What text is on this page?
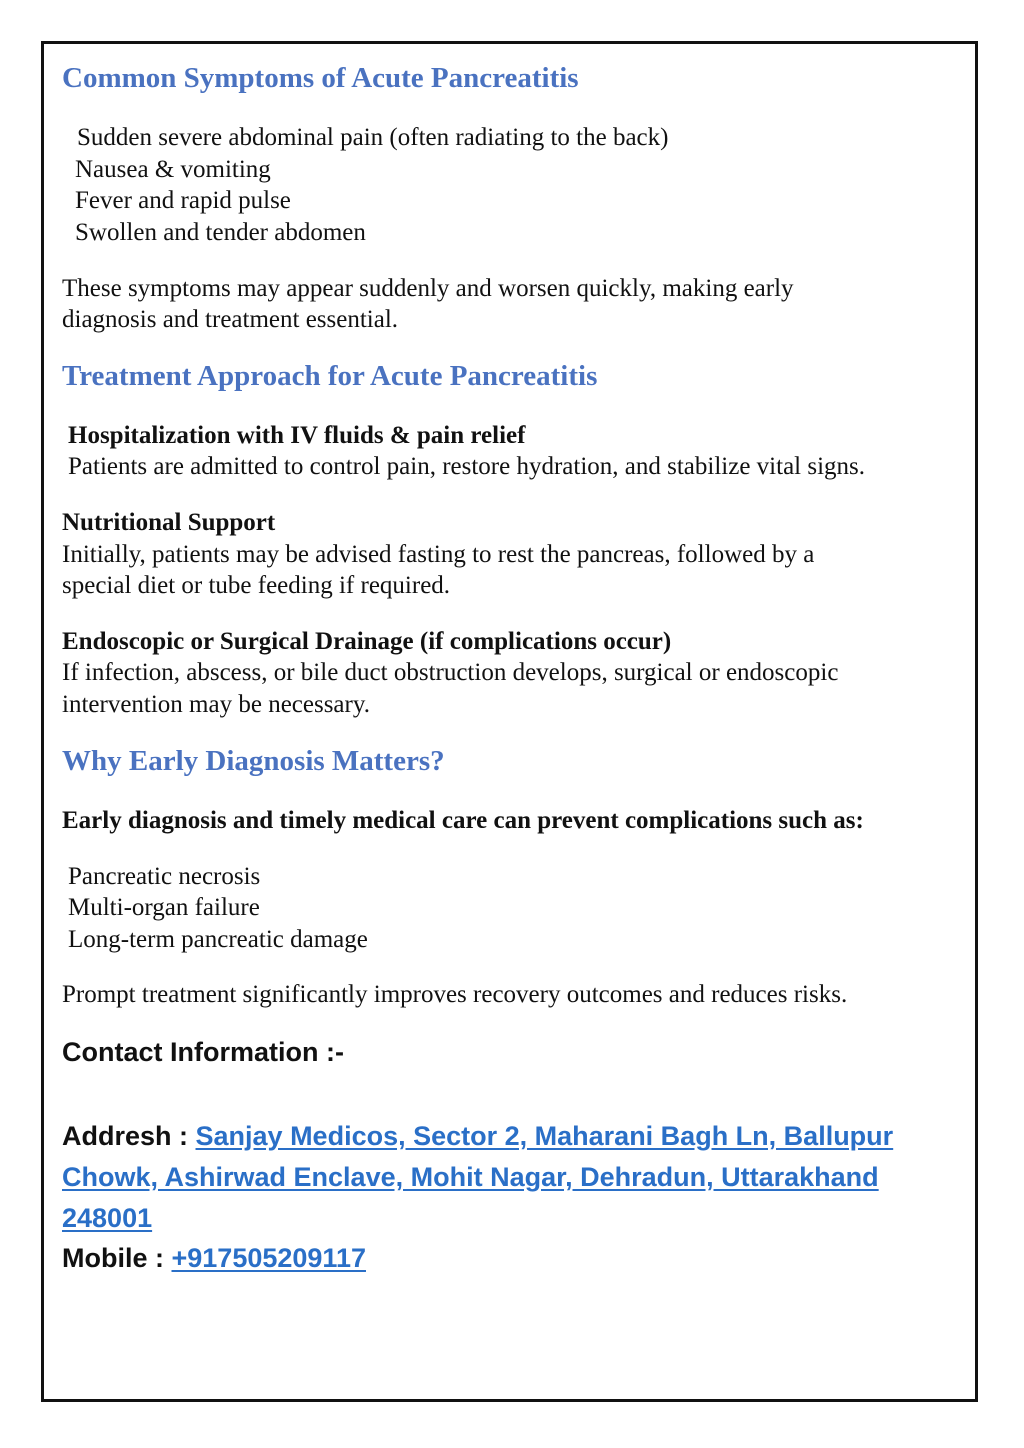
Common Symptoms of Acute Pancreatitis

Sudden severe abdominal pain (often radiating to the back)

Nausea & vomiting

Fever and rapid pulse

Swollen and tender abdomen

These symptoms may appear suddenly and worsen quickly, making early

diagnosis and treatment essential.

Treatment Approach for Acute Pancreatitis

Hospitalization with IV fluids & pain relief

Patients are admitted to control pain, restore hydration, and stabilize vital signs.

Nutritional Support

Initially, patients may be advised fasting to rest the pancreas, followed by a

special diet or tube feeding if required.

Endoscopic or Surgical Drainage (if complications occur)

If infection, abscess, or bile duct obstruction develops, surgical or endoscopic

intervention may be necessary.

Why Early Diagnosis Matters?

Early diagnosis and timely medical care can prevent complications such as:

Pancreatic necrosis

Multi-organ failure

Long-term pancreatic damage

Prompt treatment significantly improves recovery outcomes and reduces risks.

Contact Information :-

Addresh : Sanjay Medicos, Sector 2, Maharani Bagh Ln, Ballupur

Chowk, Ashirwad Enclave, Mohit Nagar, Dehradun, Uttarakhand

248001

Mobile : +917505209117
